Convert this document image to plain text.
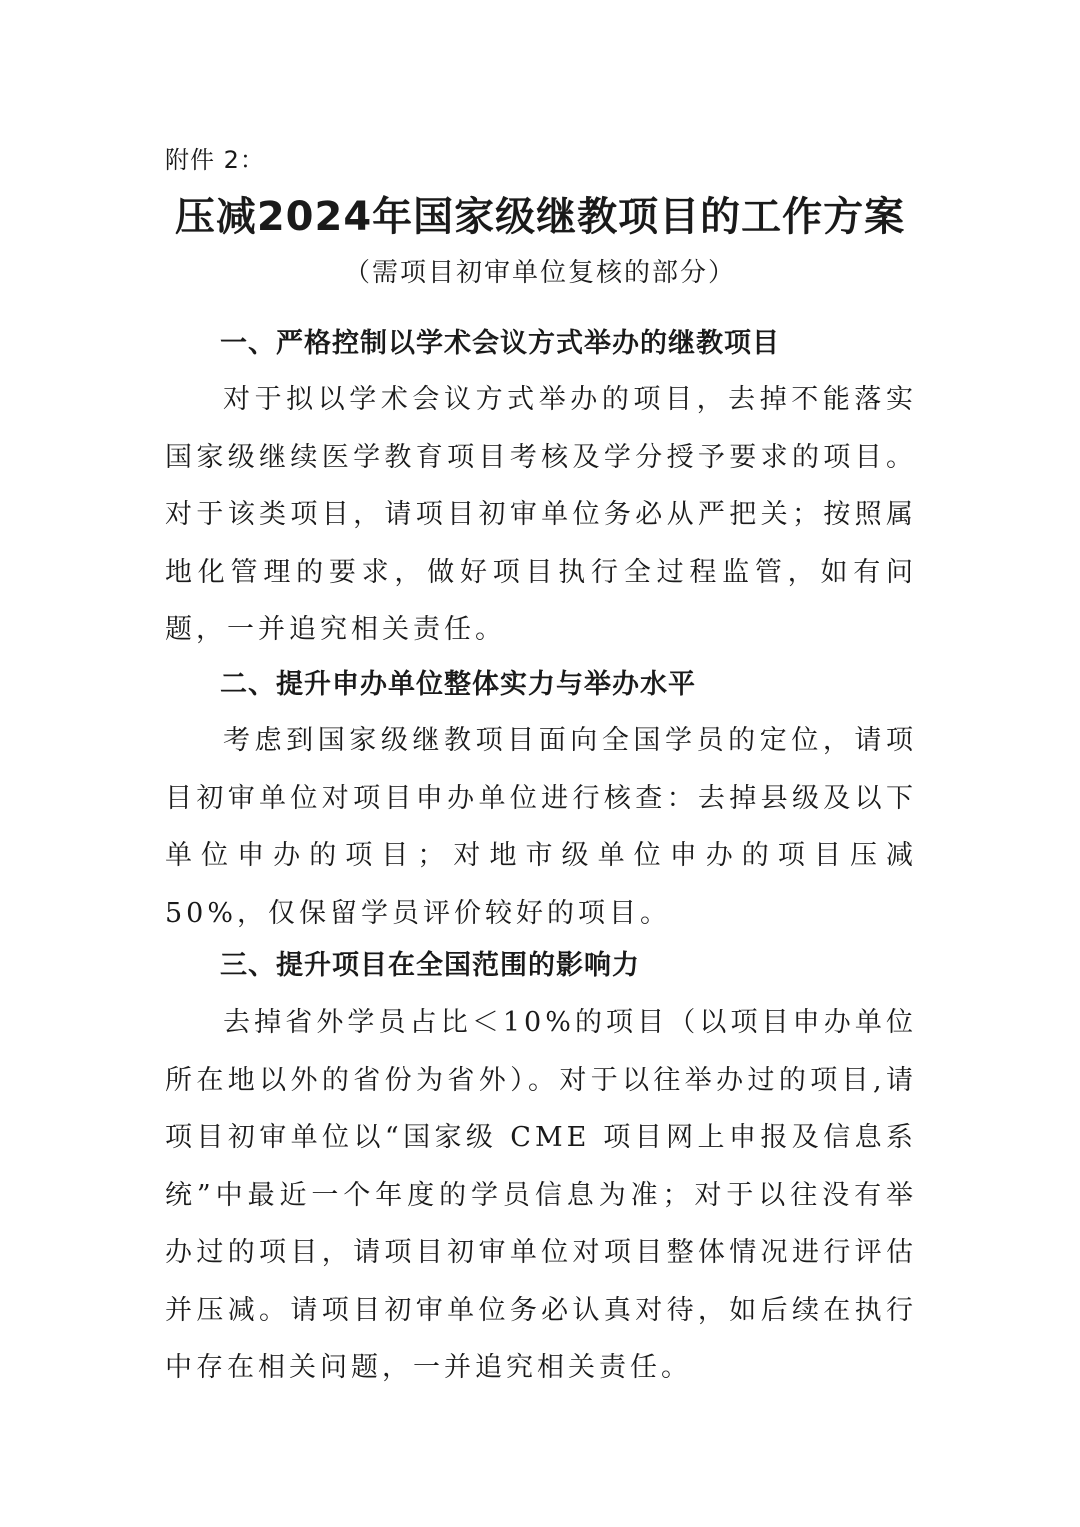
附件 2：
压减2024年国家级继教项目的工作方案
（需项目初审单位复核的部分）
一、严格控制以学术会议方式举办的继教项目

对于拟以学术会议方式举办的项目，去掉不能落实国家级继续医学教育项目考核及学分授予要求的项目。对于该类项目，请项目初审单位务必从严把关；按照属地化管理的要求，做好项目执行全过程监管，如有问题，一并追究相关责任。

二、提升申办单位整体实力与举办水平

考虑到国家级继教项目面向全国学员的定位，请项目初审单位对项目申办单位进行核查：去掉县级及以下单位申办的项目；对地市级单位申办的项目压减 50%，仅保留学员评价较好的项目。

三、提升项目在全国范围的影响力

去掉省外学员占比＜10%的项目（以项目申办单位所在地以外的省份为省外）。对于以往举办过的项目,请项目初审单位以“国家级 CME 项目网上申报及信息系统”中最近一个年度的学员信息为准；对于以往没有举办过的项目，请项目初审单位对项目整体情况进行评估并压减。请项目初审单位务必认真对待，如后续在执行中存在相关问题，一并追究相关责任。
